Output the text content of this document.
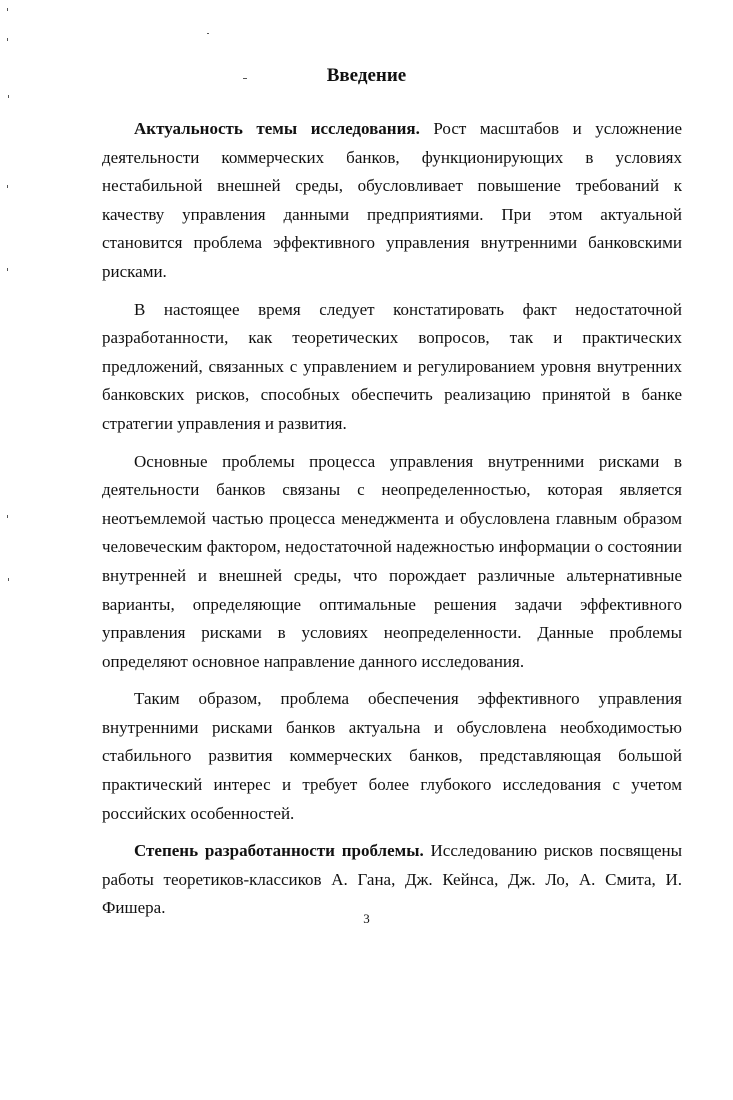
Введение

Актуальность темы исследования. Рост масштабов и усложнение деятельности коммерческих банков, функционирующих в условиях нестабильной внешней среды, обусловливает повышение требований к качеству управления данными предприятиями. При этом актуальной становится проблема эффективного управления внутренними банковскими рисками.

В настоящее время следует констатировать факт недостаточной разработанности, как теоретических вопросов, так и практических предложений, связанных с управлением и регулированием уровня внутренних банковских рисков, способных обеспечить реализацию принятой в банке стратегии управления и развития.

Основные проблемы процесса управления внутренними рисками в деятельности банков связаны с неопределенностью, которая является неотъемлемой частью процесса менеджмента и обусловлена главным образом человеческим фактором, недостаточной надежностью информации о состоянии внутренней и внешней среды, что порождает различные альтернативные варианты, определяющие оптимальные решения задачи эффективного управления рисками в условиях неопределенности. Данные проблемы определяют основное направление данного исследования.

Таким образом, проблема обеспечения эффективного управления внутренними рисками банков актуальна и обусловлена необходимостью стабильного развития коммерческих банков, представляющая большой практический интерес и требует более глубокого исследования с учетом российских особенностей.

Степень разработанности проблемы. Исследованию рисков посвящены работы теоретиков-классиков А. Гана, Дж. Кейнса, Дж. Ло, А. Смита, И. Фишера.

3
